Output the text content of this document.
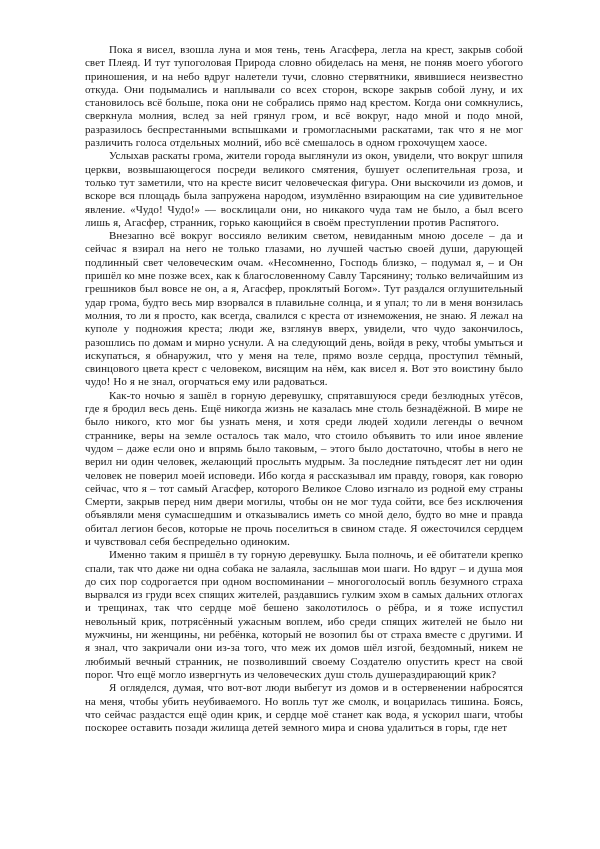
Пока я висел, взошла луна и моя тень, тень Агасфера, легла на крест, закрыв собой свет Плеяд. И тут тупоголовая Природа словно обиделась на меня, не поняв моего убогого приношения, и на небо вдруг налетели тучи, словно стервятники, явившиеся неизвестно откуда. Они подымались и наплывали со всех сторон, вскоре закрыв собой луну, и их становилось всё больше, пока они не собрались прямо над крестом. Когда они сомкнулись, сверкнула молния, вслед за ней грянул гром, и всё вокруг, надо мной и подо мной, разразилось беспрестанными вспышками и громогласными раскатами, так что я не мог различить голоса отдельных молний, ибо всё смешалось в одном грохочущем хаосе.

Услыхав раскаты грома, жители города выглянули из окон, увидели, что вокруг шпиля церкви, возвышающегося посреди великого смятения, бушует ослепительная гроза, и только тут заметили, что на кресте висит человеческая фигура. Они выскочили из домов, и вскоре вся площадь была запружена народом, изумлённо взирающим на сие удивительное явление. «Чудо! Чудо!» — восклицали они, но никакого чуда там не было, а был всего лишь я, Агасфер, странник, горько кающийся в своём преступлении против Распятого.

Внезапно всё вокруг воссияло великим светом, невиданным мною доселе – да и сейчас я взирал на него не только глазами, но лучшей частью своей души, дарующей подлинный свет человеческим очам. «Несомненно, Господь близко, – подумал я, – и Он пришёл ко мне позже всех, как к благословенному Савлу Тарсянину; только величайшим из грешников был вовсе не он, а я, Агасфер, проклятый Богом». Тут раздался оглушительный удар грома, будто весь мир взорвался в плавильне солнца, и я упал; то ли в меня вонзилась молния, то ли я просто, как всегда, свалился с креста от изнеможения, не знаю. Я лежал на куполе у подножия креста; люди же, взглянув вверх, увидели, что чудо закончилось, разошлись по домам и мирно уснули. А на следующий день, войдя в реку, чтобы умыться и искупаться, я обнаружил, что у меня на теле, прямо возле сердца, проступил тёмный, свинцового цвета крест с человеком, висящим на нём, как висел я. Вот это воистину было чудо! Но я не знал, огорчаться ему или радоваться.

Как-то ночью я зашёл в горную деревушку, спрятавшуюся среди безлюдных утёсов, где я бродил весь день. Ещё никогда жизнь не казалась мне столь безнадёжной. В мире не было никого, кто мог бы узнать меня, и хотя среди людей ходили легенды о вечном страннике, веры на земле осталось так мало, что стоило объявить то или иное явление чудом – даже если оно и впрямь было таковым, – этого было достаточно, чтобы в него не верил ни один человек, желающий прослыть мудрым. За последние пятьдесят лет ни один человек не поверил моей исповеди. Ибо когда я рассказывал им правду, говоря, как говорю сейчас, что я – тот самый Агасфер, которого Великое Слово изгнало из родной ему страны Смерти, закрыв перед ним двери могилы, чтобы он не мог туда сойти, все без исключения объявляли меня сумасшедшим и отказывались иметь со мной дело, будто во мне и правда обитал легион бесов, которые не прочь поселиться в свином стаде. Я ожесточился сердцем и чувствовал себя беспредельно одиноким.

Именно таким я пришёл в ту горную деревушку. Была полночь, и её обитатели крепко спали, так что даже ни одна собака не залаяла, заслышав мои шаги. Но вдруг – и душа моя до сих пор содрогается при одном воспоминании – многоголосый вопль безумного страха вырвался из груди всех спящих жителей, раздавшись гулким эхом в самых дальних отлогах и трещинах, так что сердце моё бешено заколотилось о рёбра, и я тоже испустил невольный крик, потрясённый ужасным воплем, ибо среди спящих жителей не было ни мужчины, ни женщины, ни ребёнка, который не возопил бы от страха вместе с другими. И я знал, что закричали они из-за того, что меж их домов шёл изгой, бездомный, никем не любимый вечный странник, не позволивший своему Создателю опустить крест на свой порог. Что ещё могло извергнуть из человеческих душ столь душераздирающий крик?

Я огляделся, думая, что вот-вот люди выбегут из домов и в остервенении набросятся на меня, чтобы убить неубиваемого. Но вопль тут же смолк, и воцарилась тишина. Боясь, что сейчас раздастся ещё один крик, и сердце моё станет как вода, я ускорил шаги, чтобы поскорее оставить позади жилища детей земного мира и снова удалиться в горы, где нет
